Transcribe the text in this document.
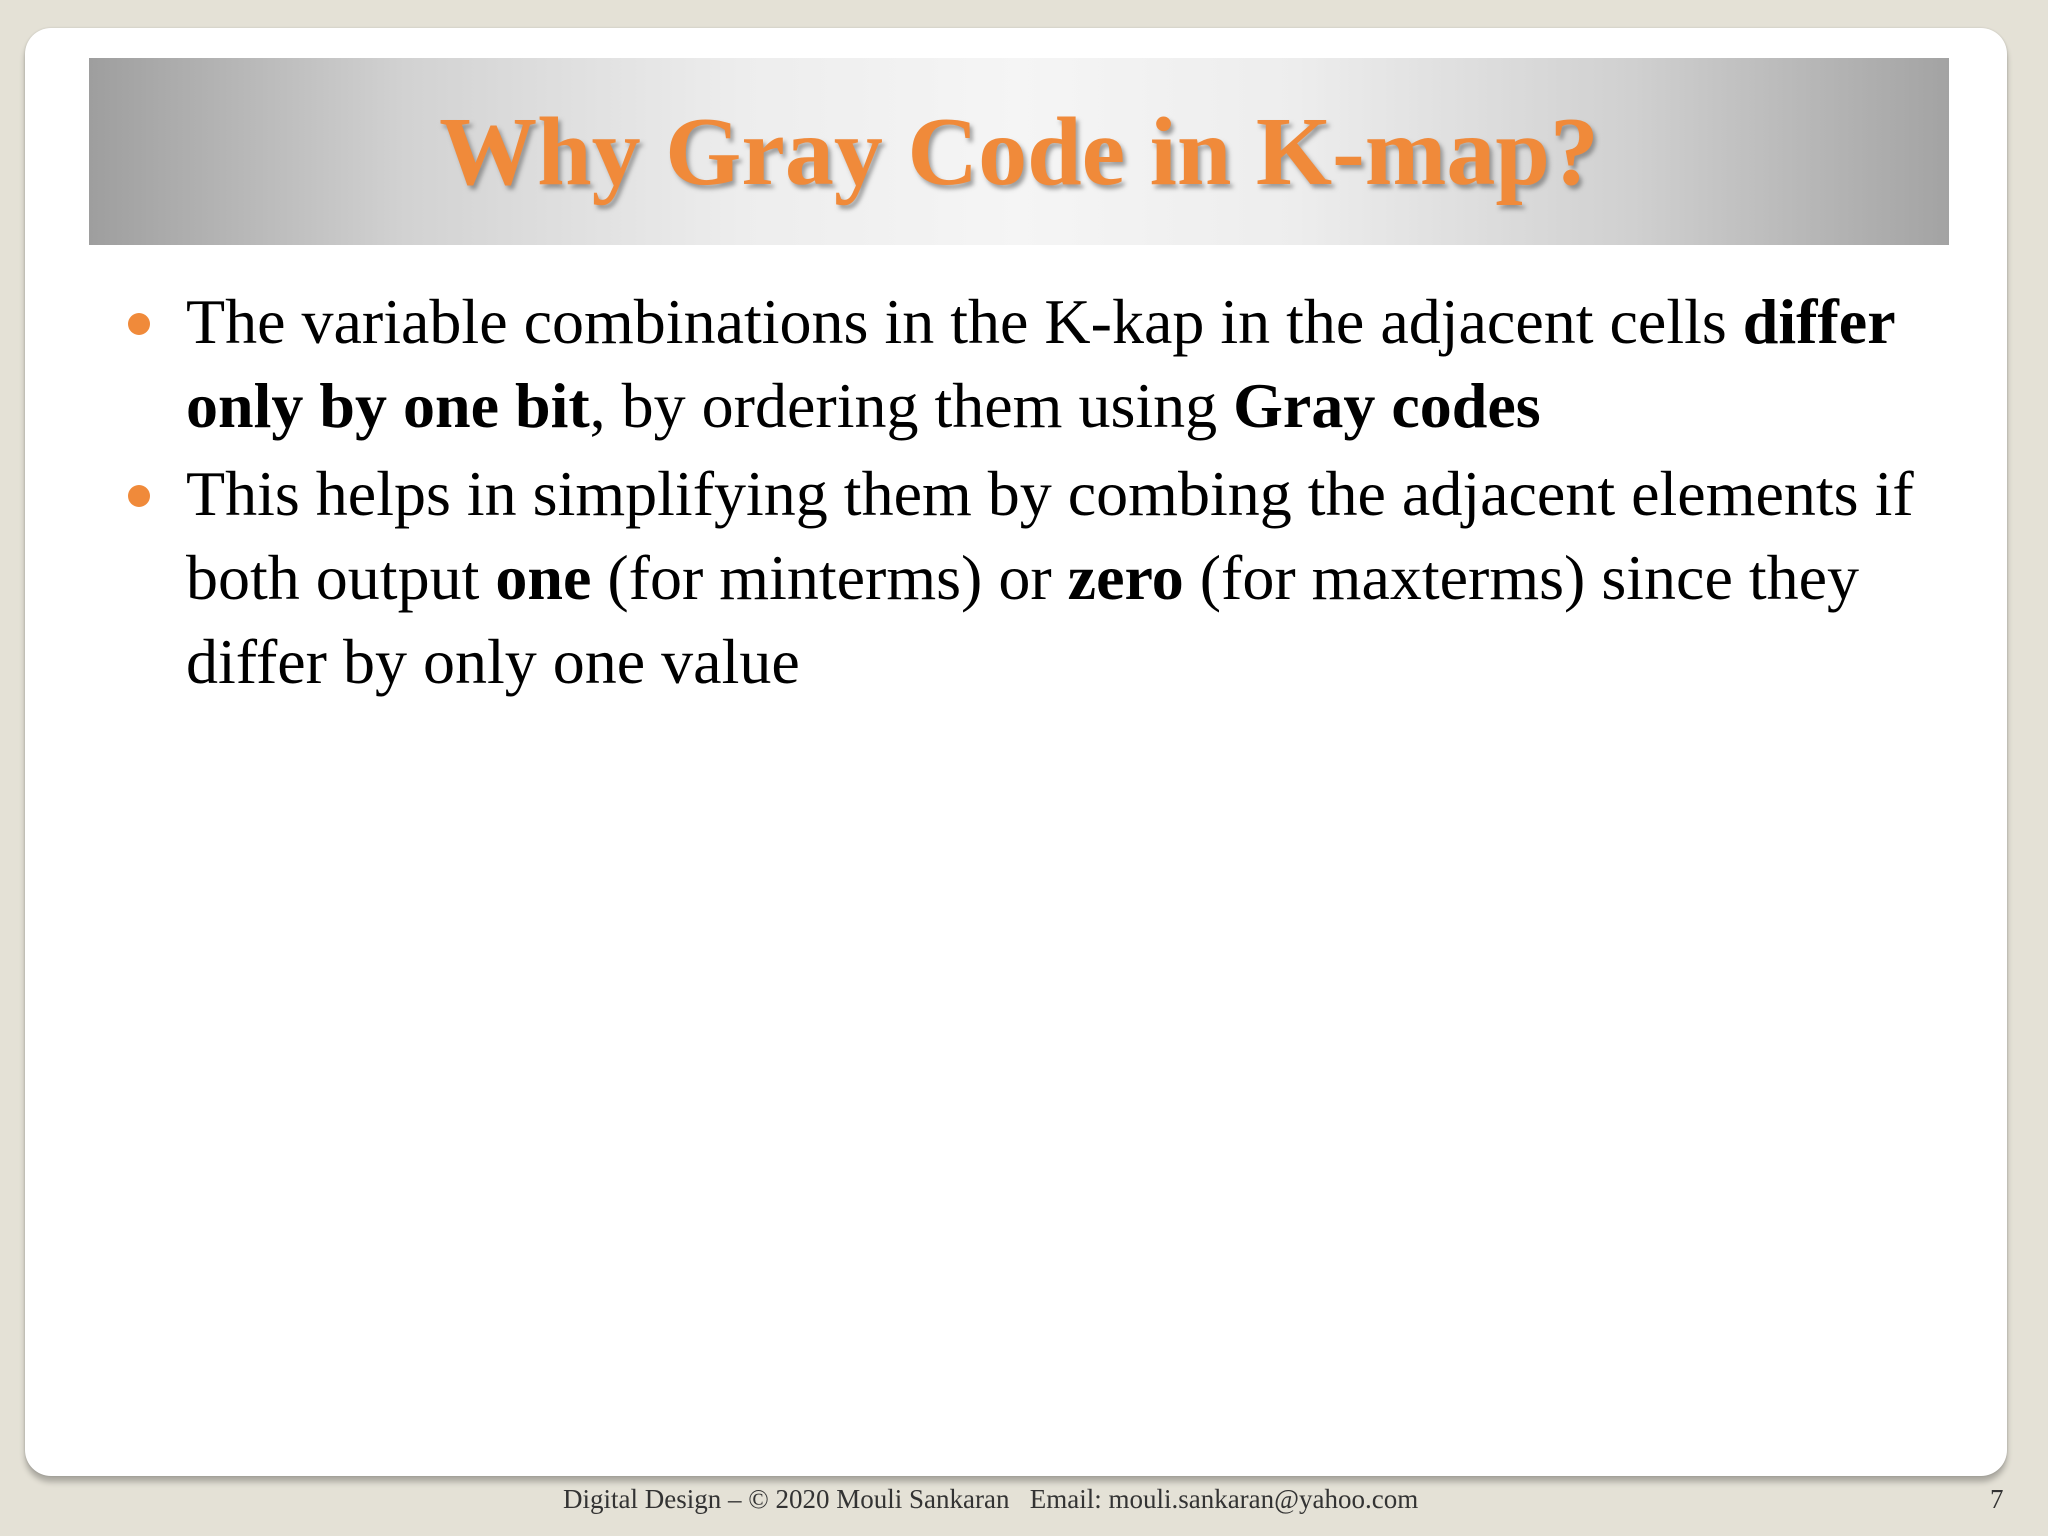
Why Gray Code in K-map?
The variable combinations in the K-kap in the adjacent cells differ only by one bit, by ordering them using Gray codes
This helps in simplifying them by combing the adjacent elements if both output one (for minterms) or zero (for maxterms) since they differ by only one value
Digital Design – © 2020 Mouli Sankaran   Email: mouli.sankaran@yahoo.com	7
